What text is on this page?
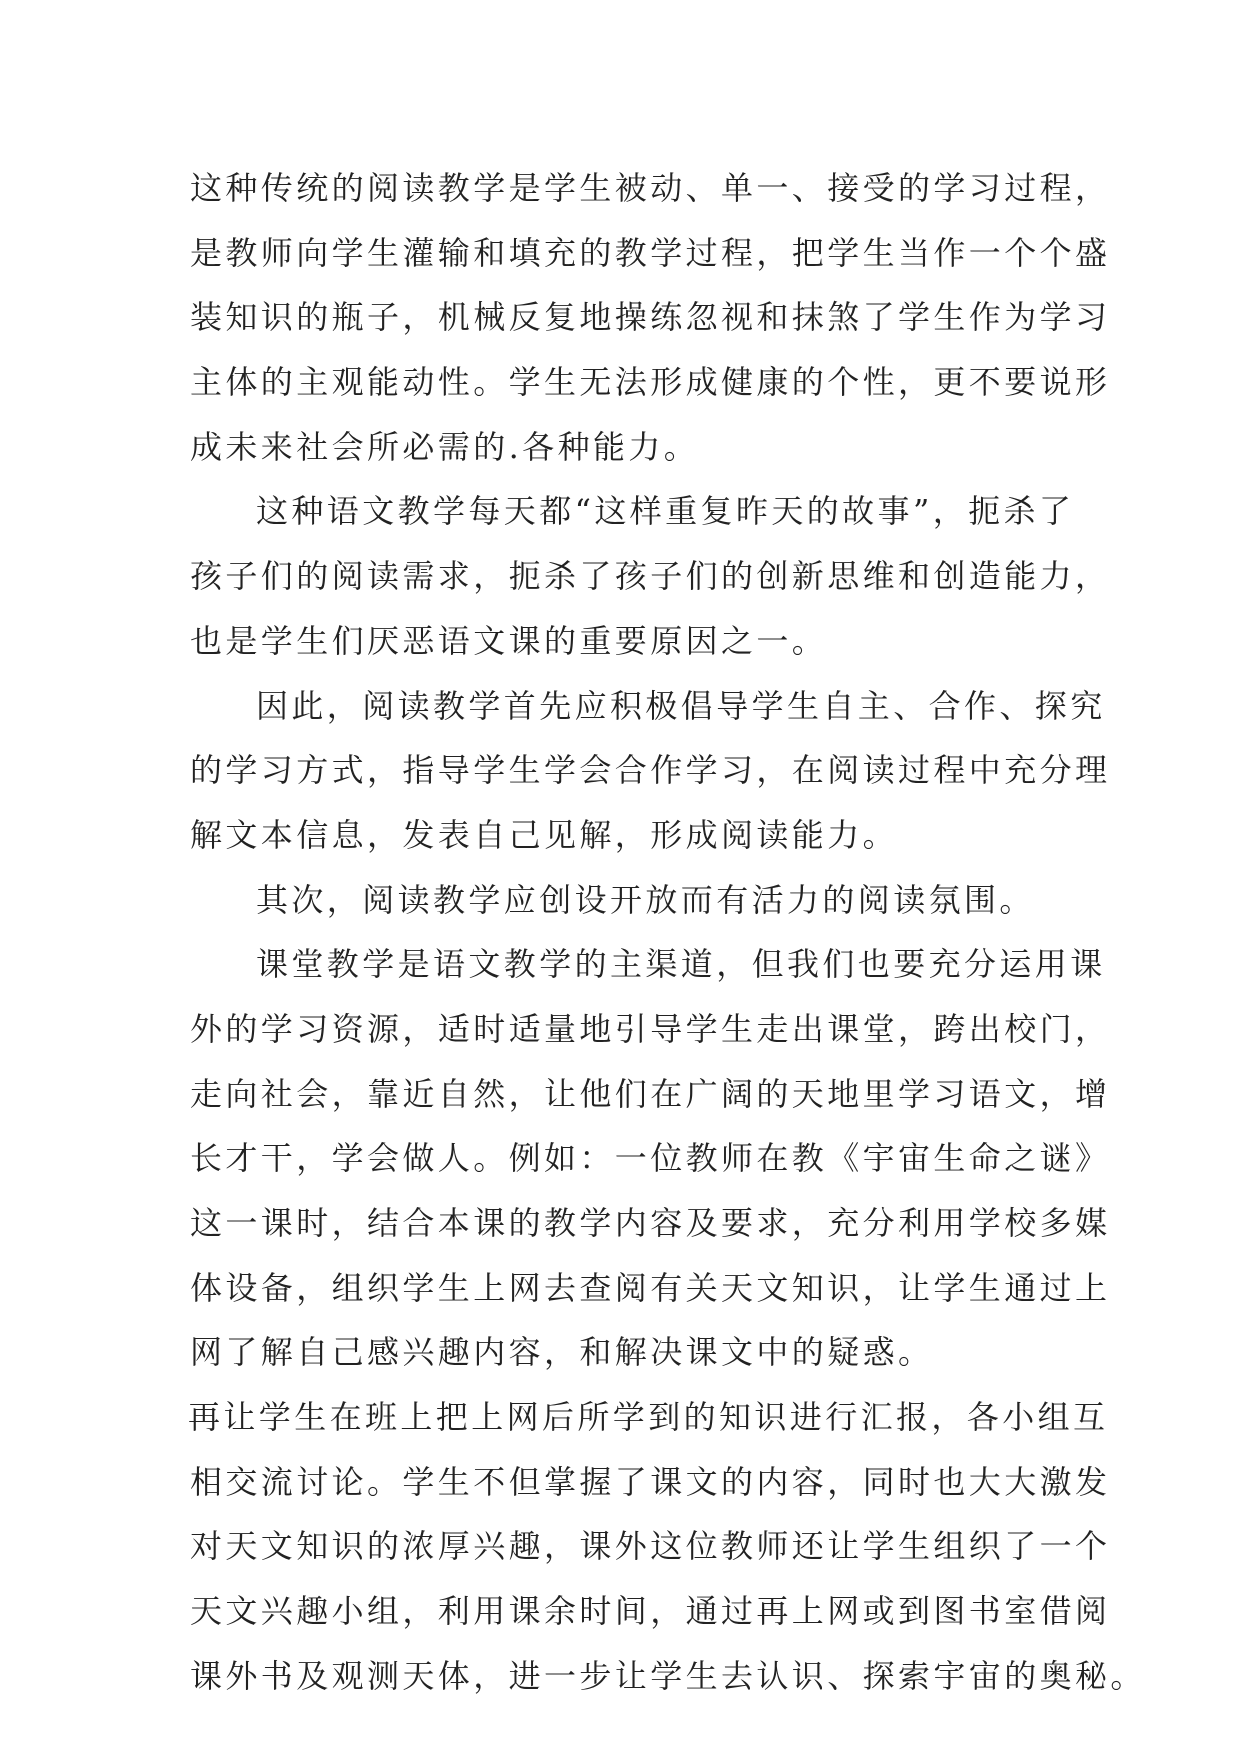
这种传统的阅读教学是学生被动、单一、接受的学习过程，
是教师向学生灌输和填充的教学过程，把学生当作一个个盛
装知识的瓶子，机械反复地操练忽视和抹煞了学生作为学习
主体的主观能动性。学生无法形成健康的个性，更不要说形
成未来社会所必需的.各种能力。
这种语文教学每天都“这样重复昨天的故事”，扼杀了
孩子们的阅读需求，扼杀了孩子们的创新思维和创造能力，
也是学生们厌恶语文课的重要原因之一。
因此，阅读教学首先应积极倡导学生自主、合作、探究
的学习方式，指导学生学会合作学习，在阅读过程中充分理
解文本信息，发表自己见解，形成阅读能力。
其次，阅读教学应创设开放而有活力的阅读氛围。
课堂教学是语文教学的主渠道，但我们也要充分运用课
外的学习资源，适时适量地引导学生走出课堂，跨出校门，
走向社会，靠近自然，让他们在广阔的天地里学习语文，增
长才干，学会做人。例如：一位教师在教《宇宙生命之谜》
这一课时，结合本课的教学内容及要求，充分利用学校多媒
体设备，组织学生上网去查阅有关天文知识，让学生通过上
网了解自己感兴趣内容，和解决课文中的疑惑。
再让学生在班上把上网后所学到的知识进行汇报，各小组互
相交流讨论。学生不但掌握了课文的内容，同时也大大激发
对天文知识的浓厚兴趣，课外这位教师还让学生组织了一个
天文兴趣小组，利用课余时间，通过再上网或到图书室借阅
课外书及观测天体，进一步让学生去认识、探索宇宙的奥秘。
